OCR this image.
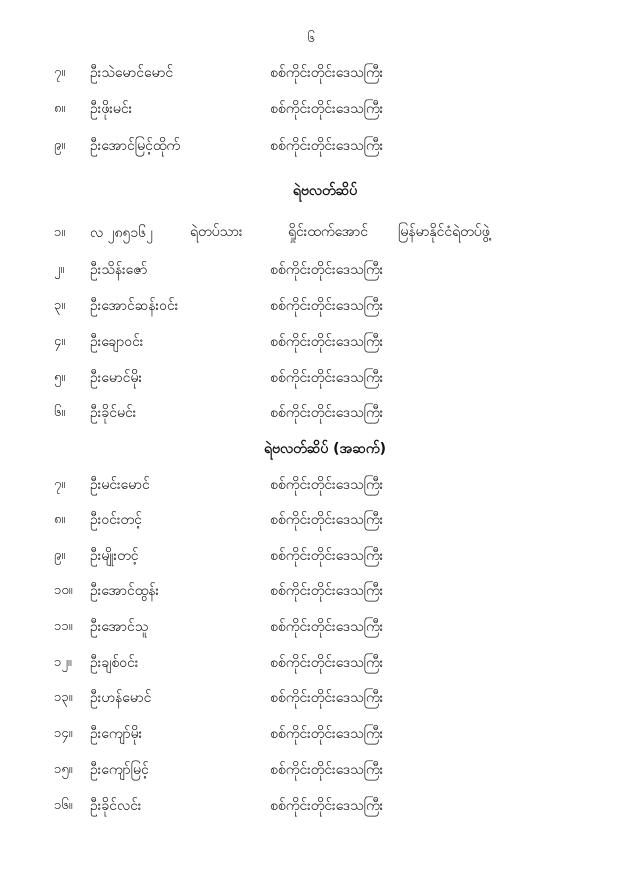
၆
၇။ ဦးသဲမောင်မောင်	စစ်ကိုင်းတိုင်းဒေသကြီး
၈။ ဦးဖိုးမင်း	စစ်ကိုင်းတိုင်းဒေသကြီး
၉။ ဦးအောင်မြင့်ထိုက်	စစ်ကိုင်းတိုင်းဒေသကြီး
ရဲဗလတ်ဆိပ်
၁။ လ ၂၈၅၁၆၂	ရဲတပ်သား	ရှိုင်းထက်အောင် မြန်မာနိုင်ငံရဲတပ်ဖွဲ့
၂။ ဦးသိန်းဇော်	စစ်ကိုင်းတိုင်းဒေသကြီး
၃။ ဦးအောင်ဆန်းဝင်း	စစ်ကိုင်းတိုင်းဒေသကြီး
၄။ ဦးချောဝင်း	စစ်ကိုင်းတိုင်းဒေသကြီး
၅။ ဦးမောင်မိုး	စစ်ကိုင်းတိုင်းဒေသကြီး
၆။ ဦးခိုင်မင်း	စစ်ကိုင်းတိုင်းဒေသကြီး
ရဲဗလတ်ဆိပ် (အဆက်)
၇။ ဦးမင်းမောင်	စစ်ကိုင်းတိုင်းဒေသကြီး
၈။ ဦးဝင်းတင့်	စစ်ကိုင်းတိုင်းဒေသကြီး
၉။ ဦးမျိုးတင့်	စစ်ကိုင်းတိုင်းဒေသကြီး
၁၀။ ဦးအောင်ထွန်း	စစ်ကိုင်းတိုင်းဒေသကြီး
၁၁။ ဦးအောင်သူ	စစ်ကိုင်းတိုင်းဒေသကြီး
၁၂။ ဦးချစ်ဝင်း	စစ်ကိုင်းတိုင်းဒေသကြီး
၁၃။ ဦးဟန်မောင်	စစ်ကိုင်းတိုင်းဒေသကြီး
၁၄။ ဦးကျော်မိုး	စစ်ကိုင်းတိုင်းဒေသကြီး
၁၅။ ဦးကျော်မြင့်	စစ်ကိုင်းတိုင်းဒေသကြီး
၁၆။ ဦးခိုင်လင်း	စစ်ကိုင်းတိုင်းဒေသကြီး
